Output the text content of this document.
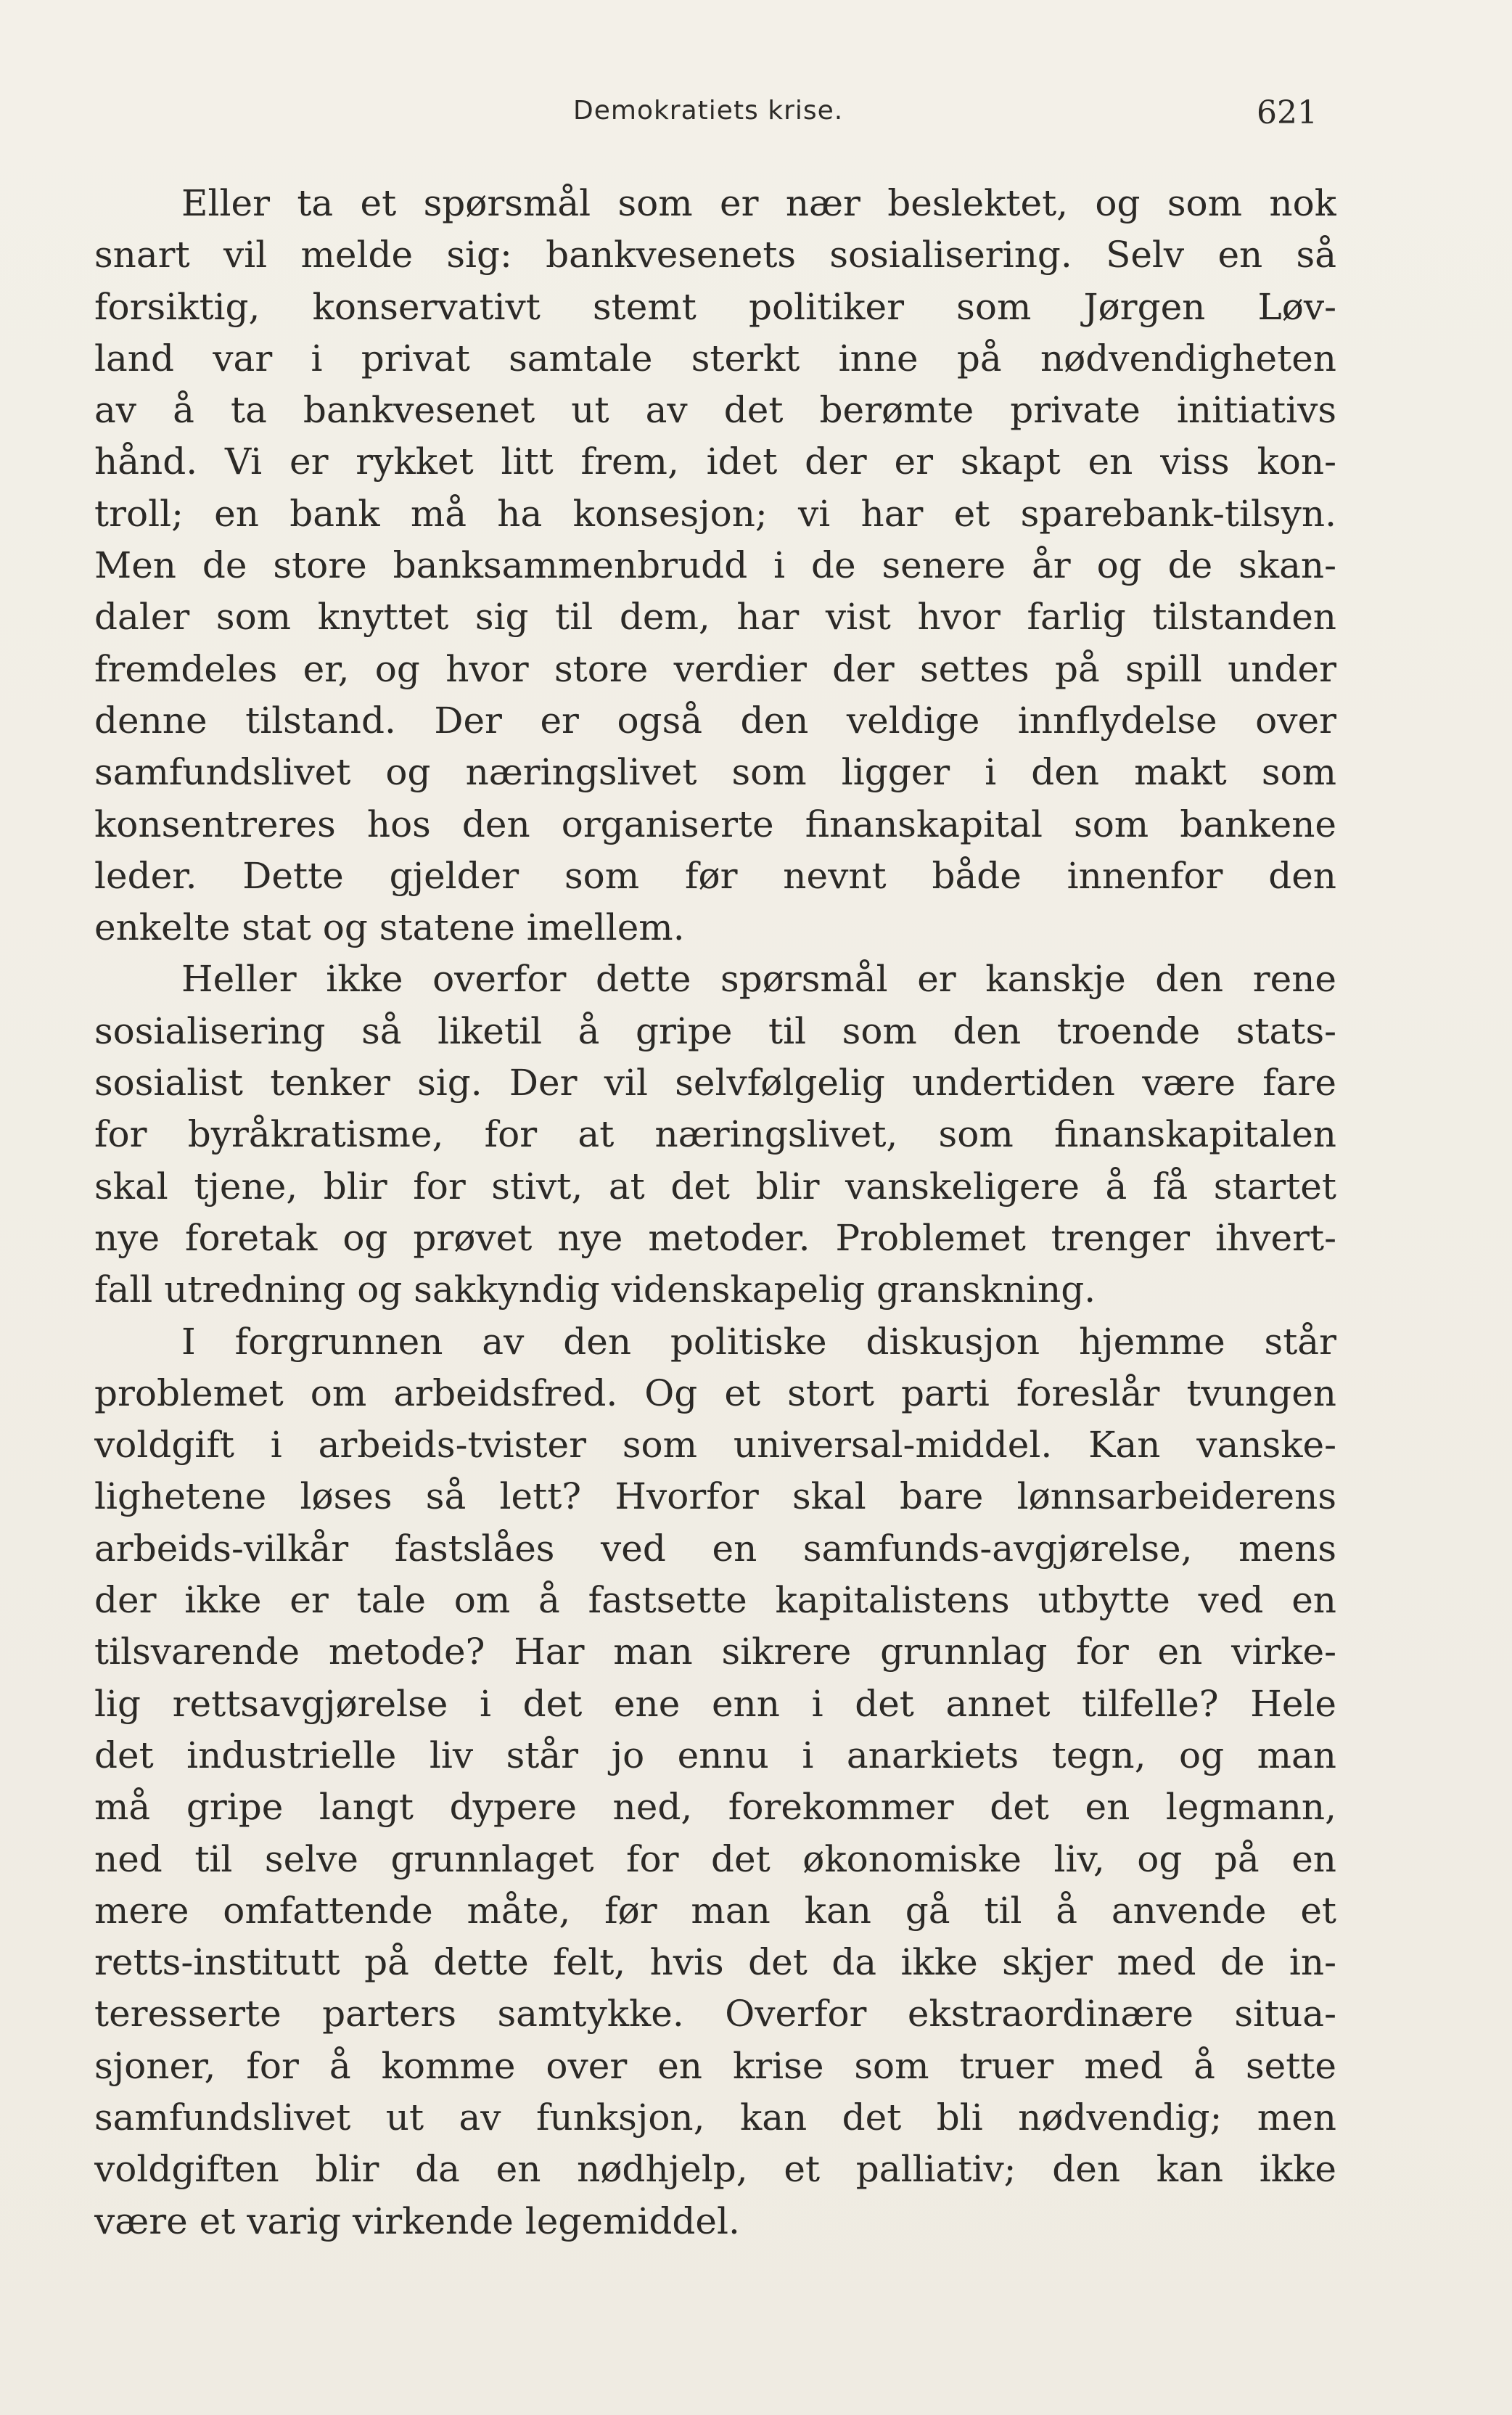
Demokratiets krise.	621
Eller ta et spørsmål som er nær beslektet, og som nok
snart vil melde sig: bankvesenets sosialisering. Selv en så
forsiktig, konservativt stemt politiker som Jørgen Løv-
land var i privat samtale sterkt inne på nødvendigheten
av å ta bankvesenet ut av det berømte private initiativs
hånd. Vi er rykket litt frem, idet der er skapt en viss kon-
troll; en bank må ha konsesjon; vi har et sparebank-tilsyn.
Men de store banksammenbrudd i de senere år og de skan-
daler som knyttet sig til dem, har vist hvor farlig tilstanden
fremdeles er, og hvor store verdier der settes på spill under
denne tilstand. Der er også den veldige innflydelse over
samfundslivet og næringslivet som ligger i den makt som
konsentreres hos den organiserte finanskapital som bankene
leder. Dette gjelder som før nevnt både innenfor den
enkelte stat og statene imellem.
Heller ikke overfor dette spørsmål er kanskje den rene
sosialisering så liketil å gripe til som den troende stats-
sosialist tenker sig. Der vil selvfølgelig undertiden være fare
for byråkratisme, for at næringslivet, som finanskapitalen
skal tjene, blir for stivt, at det blir vanskeligere å få startet
nye foretak og prøvet nye metoder. Problemet trenger ihvert-
fall utredning og sakkyndig videnskapelig granskning.
I forgrunnen av den politiske diskusjon hjemme står
problemet om arbeidsfred. Og et stort parti foreslår tvungen
voldgift i arbeids-tvister som universal-middel. Kan vanske-
lighetene løses så lett? Hvorfor skal bare lønnsarbeiderens
arbeids-vilkår fastslåes ved en samfunds-avgjørelse, mens
der ikke er tale om å fastsette kapitalistens utbytte ved en
tilsvarende metode? Har man sikrere grunnlag for en virke-
lig rettsavgjørelse i det ene enn i det annet tilfelle? Hele
det industrielle liv står jo ennu i anarkiets tegn, og man
må gripe langt dypere ned, forekommer det en legmann,
ned til selve grunnlaget for det økonomiske liv, og på en
mere omfattende måte, før man kan gå til å anvende et
retts-institutt på dette felt, hvis det da ikke skjer med de in-
teresserte parters samtykke. Overfor ekstraordinære situa-
sjoner, for å komme over en krise som truer med å sette
samfundslivet ut av funksjon, kan det bli nødvendig; men
voldgiften blir da en nødhjelp, et palliativ; den kan ikke
være et varig virkende legemiddel.
